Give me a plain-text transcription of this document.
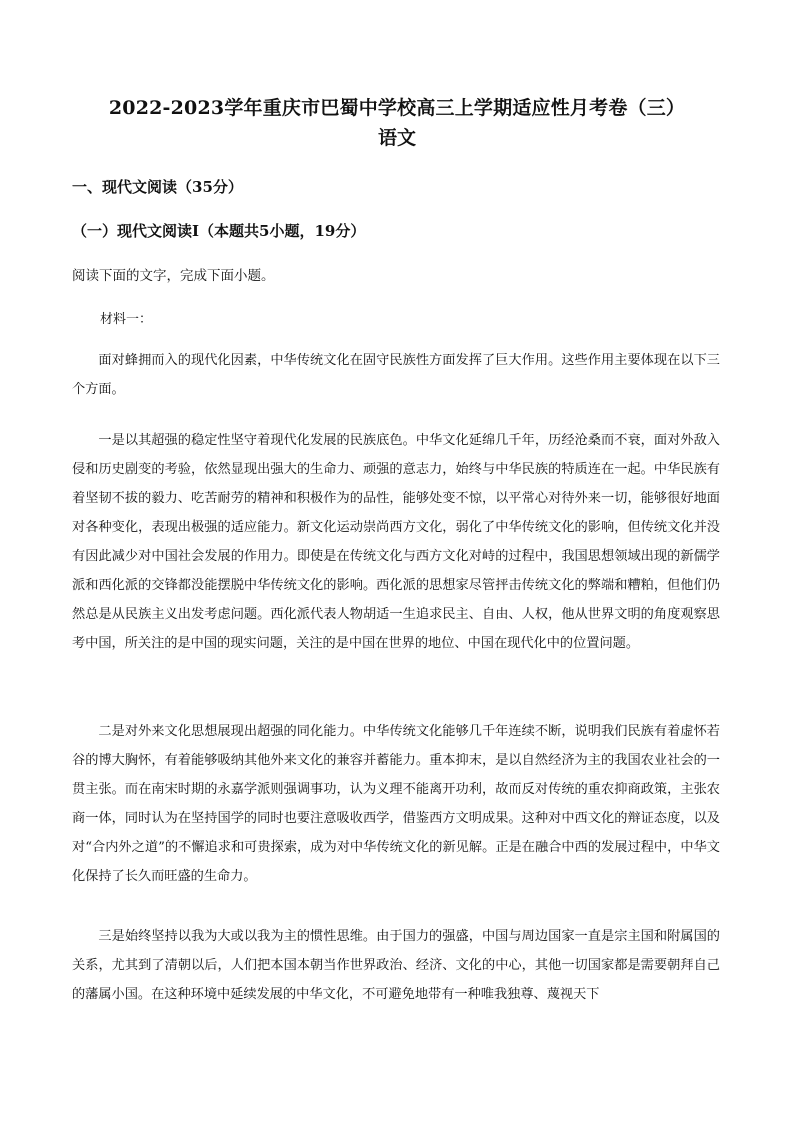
2022-2023学年重庆市巴蜀中学校高三上学期适应性月考卷（三）
语文
一、现代文阅读（35分）
（一）现代文阅读Ⅰ（本题共5小题，19分）
阅读下面的文字，完成下面小题。
材料一：

面对蜂拥而入的现代化因素，中华传统文化在固守民族性方面发挥了巨大作用。这些作用主要体现在以下三个方面。

一是以其超强的稳定性坚守着现代化发展的民族底色。中华文化延绵几千年，历经沧桑而不衰，面对外敌入侵和历史剧变的考验，依然显现出强大的生命力、顽强的意志力，始终与中华民族的特质连在一起。中华民族有着坚韧不拔的毅力、吃苦耐劳的精神和积极作为的品性，能够处变不惊，以平常心对待外来一切，能够很好地面对各种变化，表现出极强的适应能力。新文化运动崇尚西方文化，弱化了中华传统文化的影响，但传统文化并没有因此减少对中国社会发展的作用力。即使是在传统文化与西方文化对峙的过程中，我国思想领域出现的新儒学派和西化派的交锋都没能摆脱中华传统文化的影响。西化派的思想家尽管抨击传统文化的弊端和糟粕，但他们仍然总是从民族主义出发考虑问题。西化派代表人物胡适一生追求民主、自由、人权，他从世界文明的角度观察思考中国，所关注的是中国的现实问题，关注的是中国在世界的地位、中国在现代化中的位置问题。

二是对外来文化思想展现出超强的同化能力。中华传统文化能够几千年连续不断，说明我们民族有着虚怀若谷的博大胸怀，有着能够吸纳其他外来文化的兼容并蓄能力。重本抑末，是以自然经济为主的我国农业社会的一贯主张。而在南宋时期的永嘉学派则强调事功，认为义理不能离开功利，故而反对传统的重农抑商政策，主张农商一体，同时认为在坚持国学的同时也要注意吸收西学，借鉴西方文明成果。这种对中西文化的辩证态度，以及对“合内外之道”的不懈追求和可贵探索，成为对中华传统文化的新见解。正是在融合中西的发展过程中，中华文化保持了长久而旺盛的生命力。

三是始终坚持以我为大或以我为主的惯性思维。由于国力的强盛，中国与周边国家一直是宗主国和附属国的关系，尤其到了清朝以后，人们把本国本朝当作世界政治、经济、文化的中心，其他一切国家都是需要朝拜自己的藩属小国。在这种环境中延续发展的中华文化，不可避免地带有一种唯我独尊、蔑视天下
